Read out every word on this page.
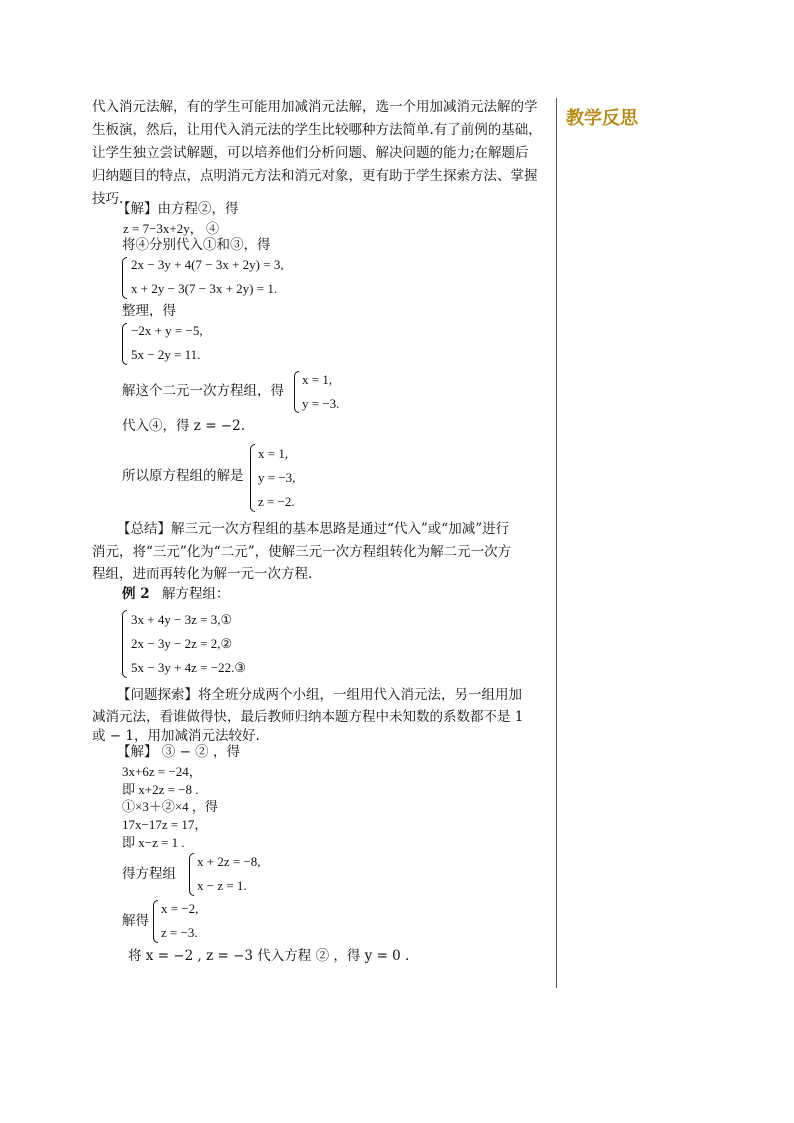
教学反思
代入消元法解，有的学生可能用加减消元法解，选一个用加减消元法解的学
生板演，然后，让用代入消元法的学生比较哪种方法简单.有了前例的基础，
让学生独立尝试解题，可以培养他们分析问题、解决问题的能力;在解题后
归纳题目的特点，点明消元方法和消元对象，更有助于学生探索方法、掌握
技巧.
【解】由方程②，得
z = 7−3x+2y， ④
将④分别代入①和③，得
2x − 3y + 4(7 − 3x + 2y) = 3,
x + 2y − 3(7 − 3x + 2y) = 1.
整理，得
−2x + y = −5,
5x − 2y = 11.
解这个二元一次方程组，得
x = 1,
y = −3.
代入④，得 z = −2.
所以原方程组的解是
x = 1,
y = −3,
z = −2.
【总结】解三元一次方程组的基本思路是通过“代入”或“加减”进行
消元，将“三元”化为“二元”，使解三元一次方程组转化为解二元一次方
程组，进而再转化为解一元一次方程.
例 2 解方程组：
3x + 4y − 3z = 3,①
2x − 3y − 2z = 2,②
5x − 3y + 4z = −22.③
【问题探索】将全班分成两个小组，一组用代入消元法，另一组用加
减消元法，看谁做得快，最后教师归纳本题方程中未知数的系数都不是 1
或 − 1，用加减消元法较好.
【解】 ③ − ② ，得
3x+6z = −24，
即 x+2z = −8 .
①×3＋②×4 ，得
17x−17z = 17，
即 x−z = 1 .
得方程组
x + 2z = −8,
x − z = 1.
解得
x = −2,
z = −3.
将 x = −2 , z = −3 代入方程 ② ，得 y = 0 .
